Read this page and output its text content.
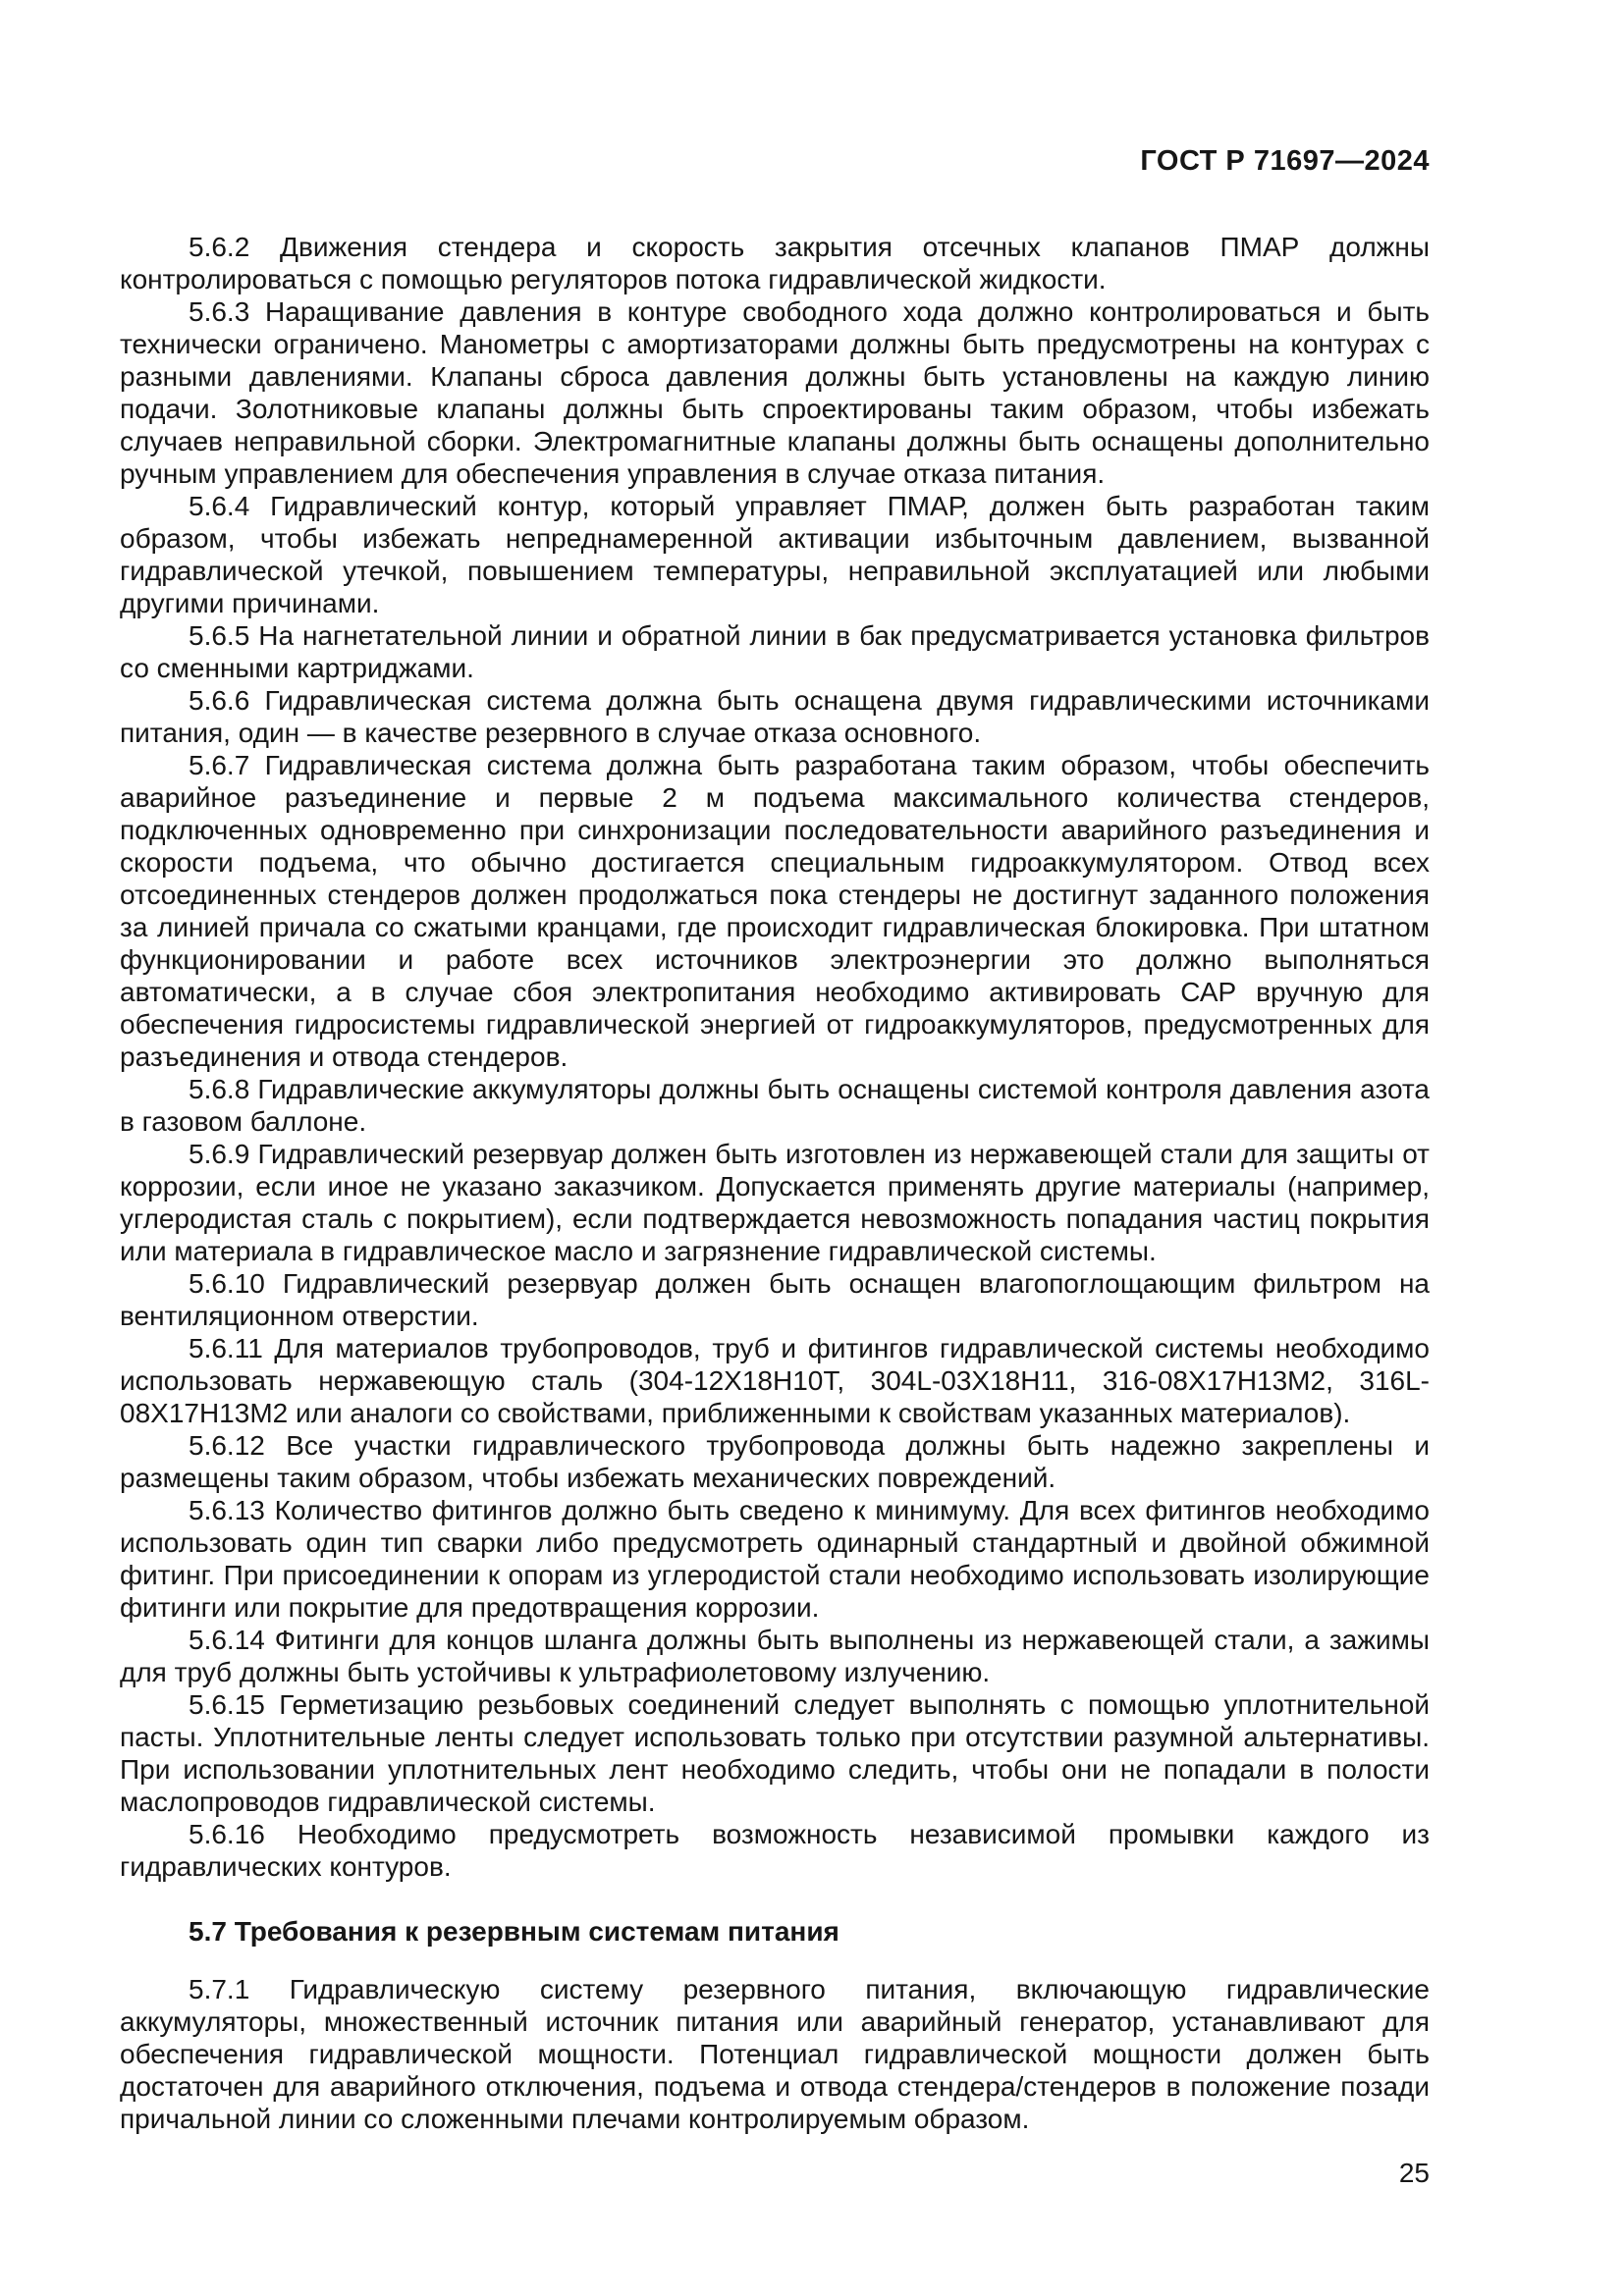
ГОСТ Р 71697—2024

5.6.2 Движения стендера и скорость закрытия отсечных клапанов ПМАР должны контролироваться с помощью регуляторов потока гидравлической жидкости.

5.6.3 Наращивание давления в контуре свободного хода должно контролироваться и быть технически ограничено. Манометры с амортизаторами должны быть предусмотрены на контурах с разными давлениями. Клапаны сброса давления должны быть установлены на каждую линию подачи. Золотниковые клапаны должны быть спроектированы таким образом, чтобы избежать случаев неправильной сборки. Электромагнитные клапаны должны быть оснащены дополнительно ручным управлением для обеспечения управления в случае отказа питания.

5.6.4 Гидравлический контур, который управляет ПМАР, должен быть разработан таким образом, чтобы избежать непреднамеренной активации избыточным давлением, вызванной гидравлической утечкой, повышением температуры, неправильной эксплуатацией или любыми другими причинами.

5.6.5 На нагнетательной линии и обратной линии в бак предусматривается установка фильтров со сменными картриджами.

5.6.6 Гидравлическая система должна быть оснащена двумя гидравлическими источниками питания, один — в качестве резервного в случае отказа основного.

5.6.7 Гидравлическая система должна быть разработана таким образом, чтобы обеспечить аварийное разъединение и первые 2 м подъема максимального количества стендеров, подключенных одновременно при синхронизации последовательности аварийного разъединения и скорости подъема, что обычно достигается специальным гидроаккумулятором. Отвод всех отсоединенных стендеров должен продолжаться пока стендеры не достигнут заданного положения за линией причала со сжатыми кранцами, где происходит гидравлическая блокировка. При штатном функционировании и работе всех источников электроэнергии это должно выполняться автоматически, а в случае сбоя электропитания необходимо активировать САР вручную для обеспечения гидросистемы гидравлической энергией от гидроаккумуляторов, предусмотренных для разъединения и отвода стендеров.

5.6.8 Гидравлические аккумуляторы должны быть оснащены системой контроля давления азота в газовом баллоне.

5.6.9 Гидравлический резервуар должен быть изготовлен из нержавеющей стали для защиты от коррозии, если иное не указано заказчиком. Допускается применять другие материалы (например, углеродистая сталь с покрытием), если подтверждается невозможность попадания частиц покрытия или материала в гидравлическое масло и загрязнение гидравлической системы.

5.6.10 Гидравлический резервуар должен быть оснащен влагопоглощающим фильтром на вентиляционном отверстии.

5.6.11 Для материалов трубопроводов, труб и фитингов гидравлической системы необходимо использовать нержавеющую сталь (304-12Х18Н10Т, 304L-03Х18Н11, 316-08Х17Н13М2, 316L-08Х17Н13М2 или аналоги со свойствами, приближенными к свойствам указанных материалов).

5.6.12 Все участки гидравлического трубопровода должны быть надежно закреплены и размещены таким образом, чтобы избежать механических повреждений.

5.6.13 Количество фитингов должно быть сведено к минимуму. Для всех фитингов необходимо использовать один тип сварки либо предусмотреть одинарный стандартный и двойной обжимной фитинг. При присоединении к опорам из углеродистой стали необходимо использовать изолирующие фитинги или покрытие для предотвращения коррозии.

5.6.14 Фитинги для концов шланга должны быть выполнены из нержавеющей стали, а зажимы для труб должны быть устойчивы к ультрафиолетовому излучению.

5.6.15 Герметизацию резьбовых соединений следует выполнять с помощью уплотнительной пасты. Уплотнительные ленты следует использовать только при отсутствии разумной альтернативы. При использовании уплотнительных лент необходимо следить, чтобы они не попадали в полости маслопроводов гидравлической системы.

5.6.16 Необходимо предусмотреть возможность независимой промывки каждого из гидравлических контуров.

5.7 Требования к резервным системам питания

5.7.1 Гидравлическую систему резервного питания, включающую гидравлические аккумуляторы, множественный источник питания или аварийный генератор, устанавливают для обеспечения гидравлической мощности. Потенциал гидравлической мощности должен быть достаточен для аварийного отключения, подъема и отвода стендера/стендеров в положение позади причальной линии со сложенными плечами контролируемым образом.

25
